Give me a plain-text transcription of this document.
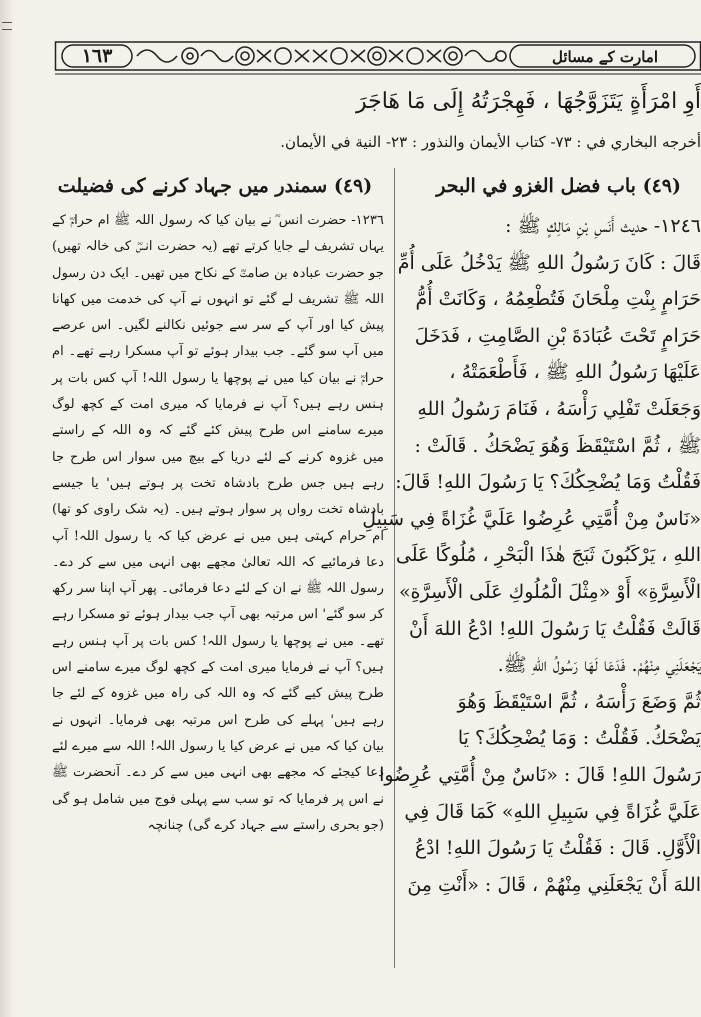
١٦٣	امارت کے مسائل
أَوِ امْرَأَةٍ يَتَزَوَّجُهَا ، فَهِجْرَتُهُ إِلَى مَا هَاجَرَ
أخرجه البخاري في : ٧٣- كتاب الأيمان والنذور : ٢٣- النية في الأيمان.
(٤٩) سمندر میں جہاد کرنے کی فضیلت

١٢٣٦- حضرت انس ؓ نے بیان کیا کہ رسول اللہ ﷺ ام حرامؓ کے یہاں تشریف لے جایا کرتے تھے (یہ حضرت انسؓ کی خالہ تھیں) جو حضرت عبادہ بن صامتؓ کے نکاح میں تھیں۔ ایک دن رسول اللہ ﷺ تشریف لے گئے تو انہوں نے آپ کی خدمت میں کھانا پیش کیا اور آپ کے سر سے جوئیں نکالنے لگیں۔ اس عرصے میں آپ سو گئے۔ جب بیدار ہوئے تو آپ مسکرا رہے تھے۔ ام حرامؓ نے بیان کیا میں نے پوچھا یا رسول اللہ! آپ کس بات پر ہنس رہے ہیں؟ آپ نے فرمایا کہ میری امت کے کچھ لوگ میرے سامنے اس طرح پیش کئے گئے کہ وہ اللہ کے راستے میں غزوہ کرنے کے لئے دریا کے بیچ میں سوار اس طرح جا رہے ہیں جس طرح بادشاہ تخت پر ہوتے ہیں' یا جیسے بادشاہ تخت رواں پر سوار ہوتے ہیں۔ (یہ شک راوی کو تھا) ام حرام کہتی ہیں میں نے عرض کیا کہ یا رسول اللہ! آپ دعا فرمائیے کہ اللہ تعالیٰ مجھے بھی انہی میں سے کر دے۔ رسول اللہ ﷺ نے ان کے لئے دعا فرمائی۔ پھر آپ اپنا سر رکھ کر سو گئے' اس مرتبہ بھی آپ جب بیدار ہوئے تو مسکرا رہے تھے۔ میں نے پوچھا یا رسول اللہ! کس بات پر آپ ہنس رہے ہیں؟ آپ نے فرمایا میری امت کے کچھ لوگ میرے سامنے اس طرح پیش کیے گئے کہ وہ اللہ کی راہ میں غزوہ کے لئے جا رہے ہیں' پہلے کی طرح اس مرتبہ بھی فرمایا۔ انہوں نے بیان کیا کہ میں نے عرض کیا یا رسول اللہ! اللہ سے میرے لئے دعا کیجئے کہ مجھے بھی انہی میں سے کر دے۔ آنحضرت ﷺ نے اس پر فرمایا کہ تو سب سے پہلی فوج میں شامل ہو گی (جو بحری راستے سے جہاد کرے گی) چنانچہ

(٤٩) باب فضل الغزو في البحر
١٢٤٦- حديث أَنَسِ بْنِ مَالِكٍ ﷺ :
قَالَ : كَانَ رَسُولُ اللهِ ﷺ يَدْخُلُ عَلَى أُمِّ
حَرَامٍ بِنْتِ مِلْحَانَ فَتُطْعِمُهُ ، وَكَانَتْ أُمُّ
حَرَامٍ تَحْتَ عُبَادَةَ بْنِ الصَّامِتِ ، فَدَخَلَ
عَلَيْهَا رَسُولُ اللهِ ﷺ ، فَأَطْعَمَتْهُ ،
وَجَعَلَتْ تَفْلِي رَأْسَهُ ، فَنَامَ رَسُولُ اللهِ
ﷺ ، ثُمَّ اسْتَيْقَظَ وَهُوَ يَضْحَكُ . قَالَتْ :
فَقُلْتُ وَمَا يُضْحِكُكَ؟ يَا رَسُولَ اللهِ! قَالَ:
«نَاسٌ مِنْ أُمَّتِي عُرِضُوا عَلَيَّ غُزَاةً فِي سَبِيلِ
اللهِ ، يَرْكَبُونَ ثَبَجَ هٰذَا الْبَحْرِ ، مُلُوكًا عَلَى
الْأَسِرَّةِ» أَوْ «مِثْلَ الْمُلُوكِ عَلَى الْأَسِرَّةِ»
قَالَتْ فَقُلْتُ يَا رَسُولَ اللهِ! ادْعُ اللهَ أَنْ
يَجْعَلَنِي مِنْهُمْ. فَدَعَا لَهَا رَسُولُ اللهِ ﷺ.
ثُمَّ وَضَعَ رَأْسَهُ ، ثُمَّ اسْتَيْقَظَ وَهُوَ
يَضْحَكُ. فَقُلْتُ : وَمَا يُضْحِكُكَ؟ يَا
رَسُولَ اللهِ! قَالَ : «نَاسٌ مِنْ أُمَّتِي عُرِضُوا
عَلَيَّ غُزَاةً فِي سَبِيلِ اللهِ» كَمَا قَالَ فِي
الْأَوَّلِ. قَالَ : فَقُلْتُ يَا رَسُولَ اللهِ! ادْعُ
اللهَ أَنْ يَجْعَلَنِي مِنْهُمْ ، قَالَ : «أَنْتِ مِنَ
